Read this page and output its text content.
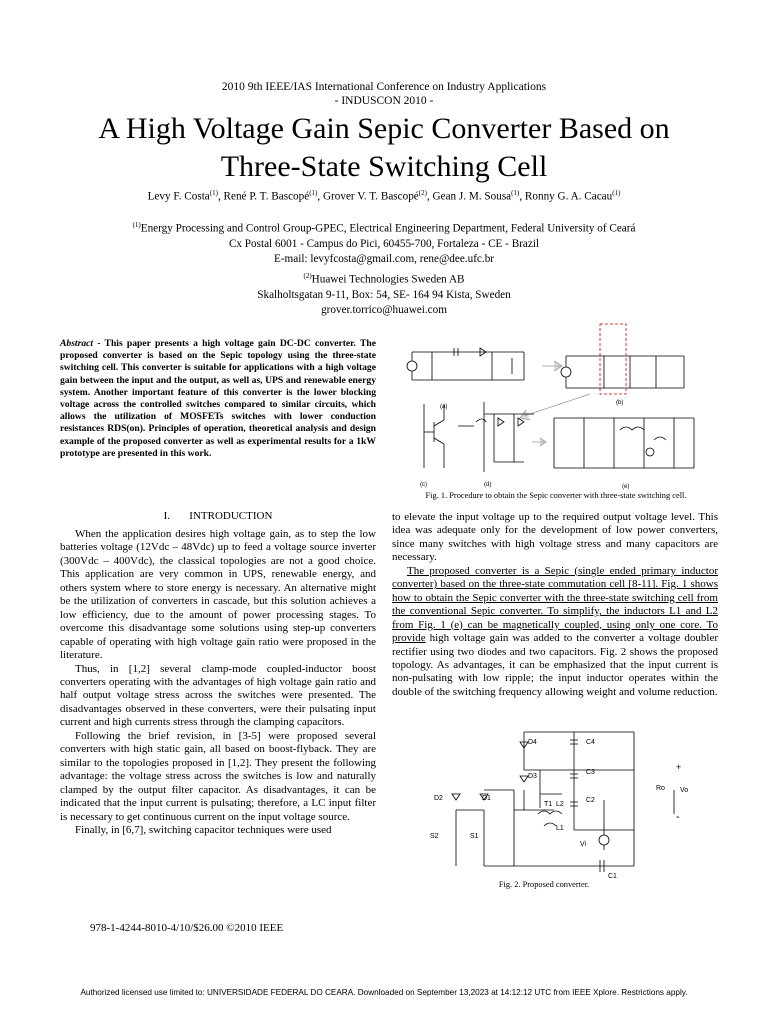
2010 9th IEEE/IAS International Conference on Industry Applications
- INDUSCON 2010 -
A High Voltage Gain Sepic Converter Based on
Three-State Switching Cell
Levy F. Costa$^{(1)}$, René P. T. Bascopé$^{(1)}$, Grover V. T. Bascopé$^{(2)}$, Gean J. M. Sousa$^{(1)}$, Ronny G. A. Cacau$^{(1)}$
$^{(1)}$Energy Processing and Control Group-GPEC, Electrical Engineering Department, Federal University of Ceará
Cx Postal 6001 - Campus do Pici, 60455-700, Fortaleza - CE - Brazil
E-mail: levyfcosta@gmail.com, rene@dee.ufc.br
$^{(2)}$Huawei Technologies Sweden AB
Skalholtsgatan 9-11, Box: 54, SE- 164 94 Kista, Sweden
grover.torrico@huawei.com
Abstract - This paper presents a high voltage gain DC-DC converter. The proposed converter is based on the Sepic topology using the three-state switching cell. This converter is suitable for applications with a high voltage gain between the input and the output, as well as, UPS and renewable energy system. Another important feature of this converter is the lower blocking voltage across the controlled switches compared to similar circuits, which allows the utilization of MOSFETs switches with lower conduction resistances RDS(on). Principles of operation, theoretical analysis and design example of the proposed converter as well as experimental results for a 1kW prototype are presented in this work.
(a)
(b)
(c)	(d)	(e)
Fig. 1. Procedure to obtain the Sepic converter with three-state switching cell.
I. INTRODUCTION

When the application desires high voltage gain, as to step the low batteries voltage (12Vdc – 48Vdc) up to feed a voltage source inverter (300Vdc – 400Vdc), the classical topologies are not a good choice. This application are very common in UPS, renewable energy, and others system where to store energy is necessary. An alternative might be the utilization of converters in cascade, but this solution achieves a low efficiency, due to the amount of power processing stages. To overcome this disadvantage some solutions using step-up converters capable of operating with high voltage gain ratio were proposed in the literature.

Thus, in [1,2] several clamp-mode coupled-inductor boost converters operating with the advantages of high voltage gain ratio and half output voltage stress across the switches were presented. The disadvantages observed in these converters, were their pulsating input current and high currents stress through the clamping capacitors.

Following the brief revision, in [3-5] were proposed several converters with high static gain, all based on boost-flyback. They are similar to the topologies proposed in [1,2]. They present the following advantage: the voltage stress across the switches is low and naturally clamped by the output filter capacitor. As disadvantages, it can be indicated that the input current is pulsating; therefore, a LC input filter is necessary to get continuous current on the input voltage source.

Finally, in [6,7], switching capacitor techniques were used

to elevate the input voltage up to the required output voltage level. This idea was adequate only for the development of low power converters, since many switches with high voltage stress and many capacitors are necessary.

The proposed converter is a Sepic (single ended primary inductor converter) based on the three-state commutation cell [8-11]. Fig. 1 shows how to obtain the Sepic converter with the three-state switching cell from the conventional Sepic converter. To simplify, the inductors L1 and L2 from Fig. 1 (e) can be magnetically coupled, using only one core. To provide high voltage gain was added to the converter a voltage doubler rectifier using two diodes and two capacitors. Fig. 2 shows the proposed topology. As advantages, it can be emphasized that the input current is non-pulsating with low ripple; the input inductor operates within the double of the switching frequency allowing weight and volume reduction.

D4	C4
D3
C3
D2	D1
T1 L2
L1
C2
Ro Vo
+
-
S2	S1
Vi
C1
Fig. 2. Proposed converter.
978-1-4244-8010-4/10/$26.00 ©2010 IEEE
Authorized licensed use limited to: UNIVERSIDADE FEDERAL DO CEARA. Downloaded on September 13,2023 at 14:12:12 UTC from IEEE Xplore. Restrictions apply.
